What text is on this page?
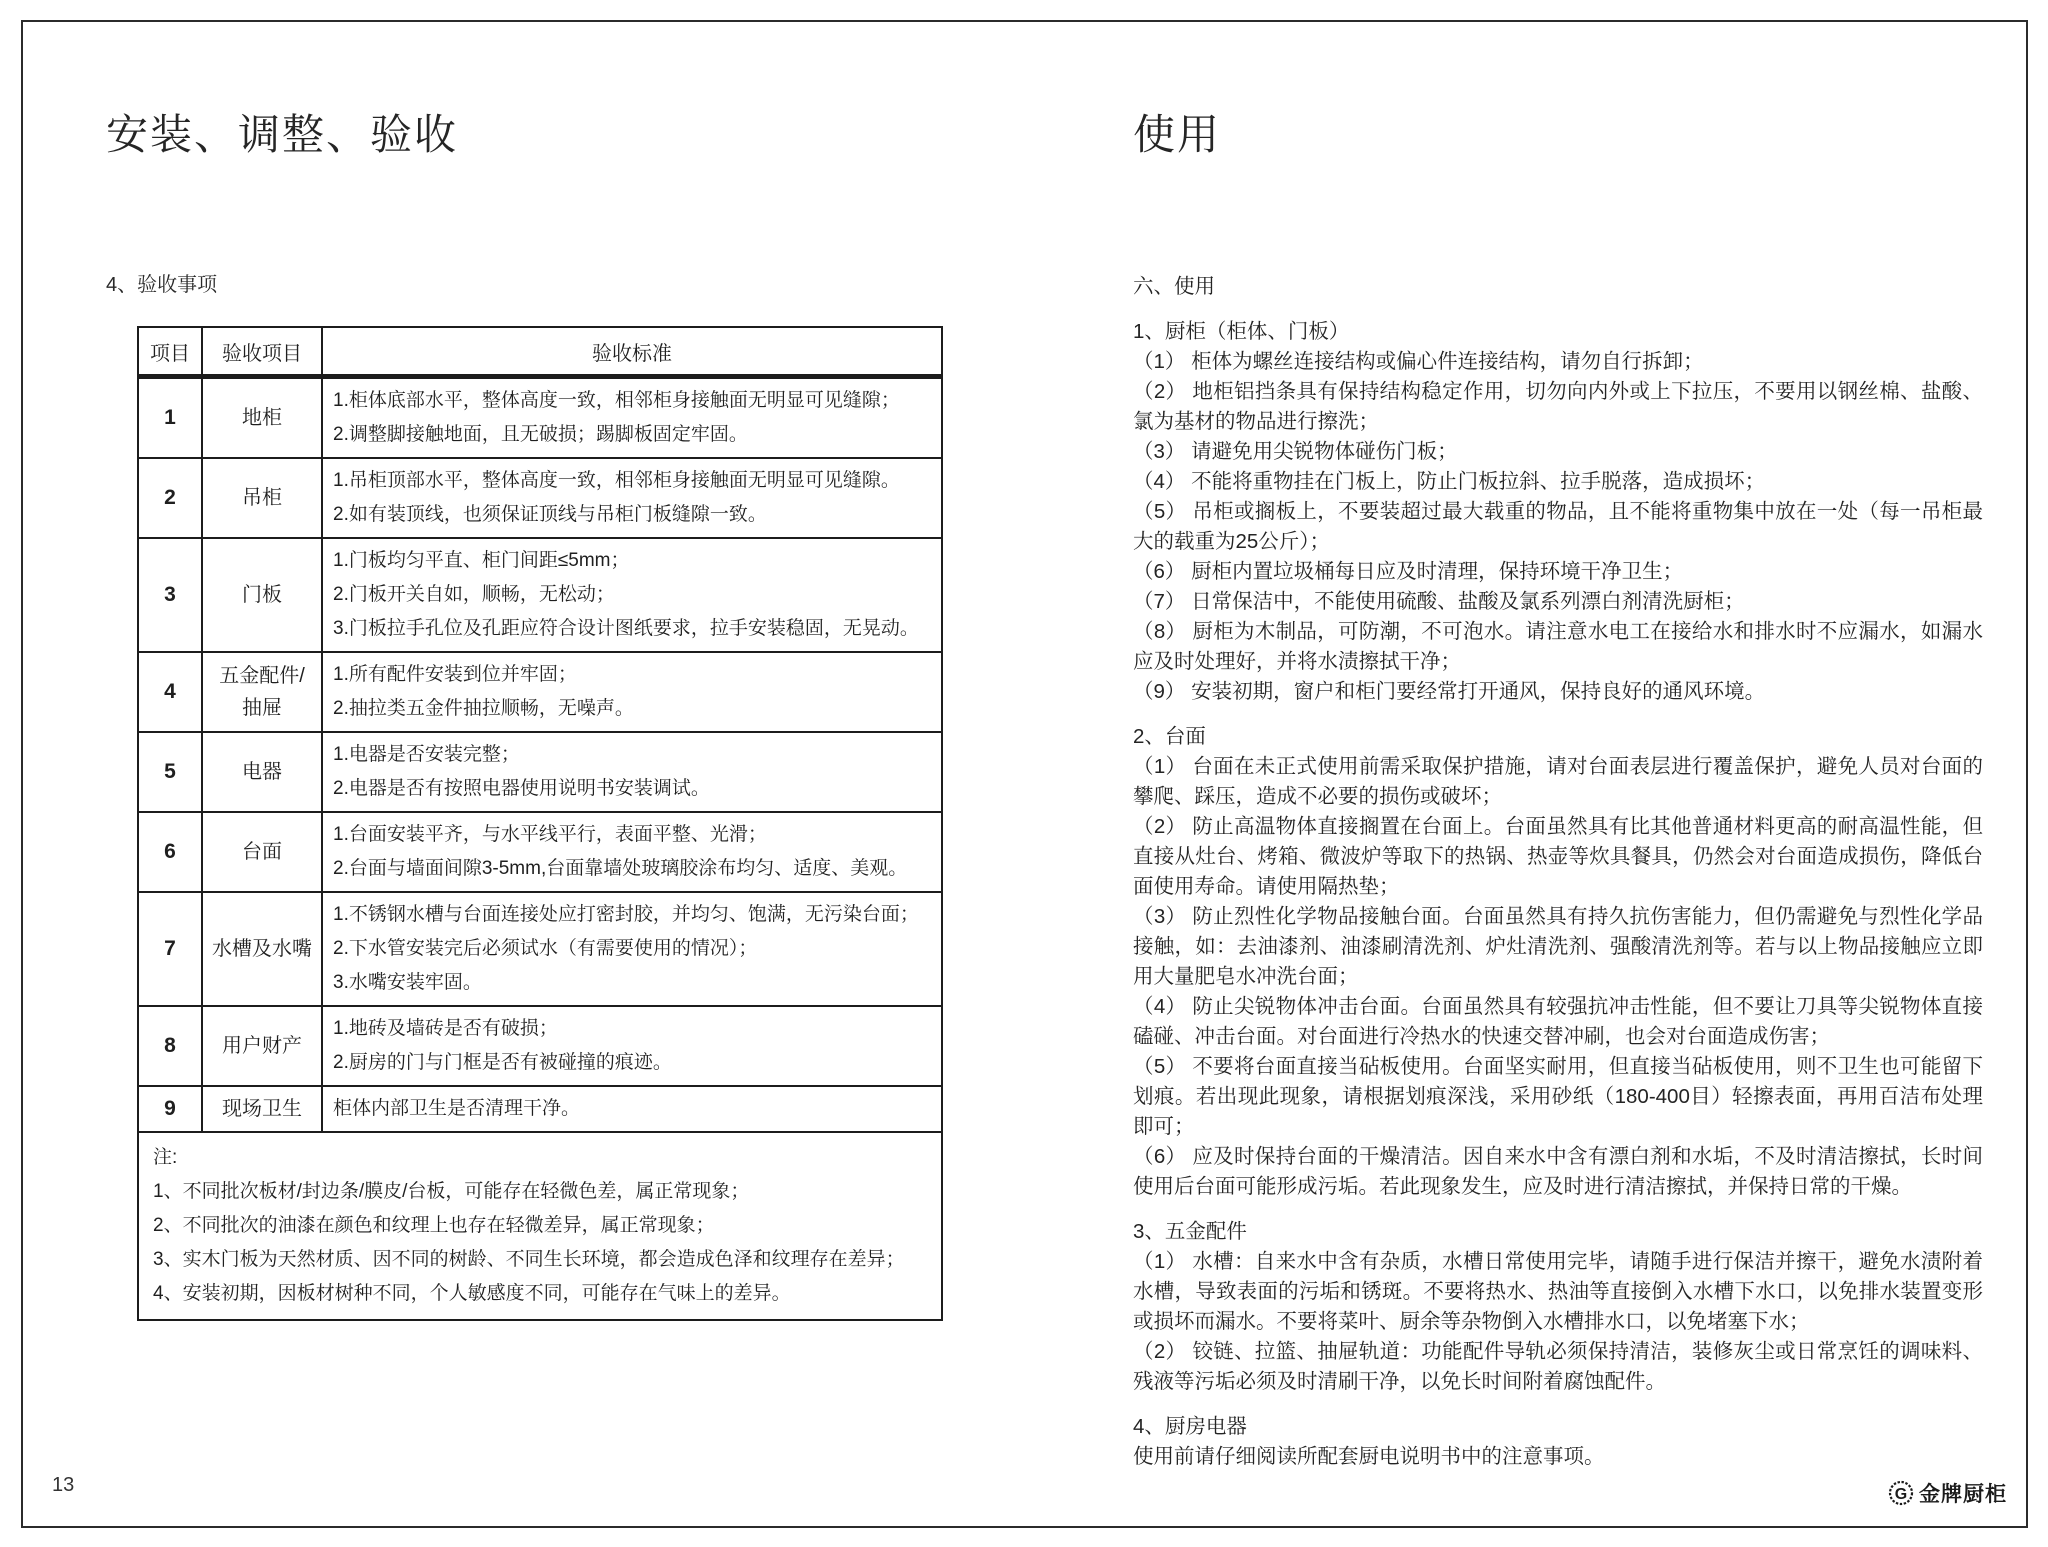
安装、调整、验收
4、验收事项
项目	验收项目	验收标准
1	地柜	1.柜体底部水平，整体高度一致，相邻柜身接触面无明显可见缝隙；
2.调整脚接触地面，且无破损；踢脚板固定牢固。

2	吊柜	1.吊柜顶部水平，整体高度一致，相邻柜身接触面无明显可见缝隙。
2.如有装顶线，也须保证顶线与吊柜门板缝隙一致。

3	门板	1.门板均匀平直、柜门间距≤5mm；
2.门板开关自如，顺畅，无松动；
3.门板拉手孔位及孔距应符合设计图纸要求，拉手安装稳固，无晃动。

4	五金配件/抽屉	1.所有配件安装到位并牢固；
2.抽拉类五金件抽拉顺畅，无噪声。

5	电器	1.电器是否安装完整；
2.电器是否有按照电器使用说明书安装调试。

6	台面	1.台面安装平齐，与水平线平行，表面平整、光滑；
2.台面与墙面间隙3-5mm,台面靠墙处玻璃胶涂布均匀、适度、美观。

7	水槽及水嘴	1.不锈钢水槽与台面连接处应打密封胶，并均匀、饱满，无污染台面；
2.下水管安装完后必须试水（有需要使用的情况）；
3.水嘴安装牢固。

8	用户财产	1.地砖及墙砖是否有破损；
2.厨房的门与门框是否有被碰撞的痕迹。

9	现场卫生	柜体内部卫生是否清理干净。

注:
1、不同批次板材/封边条/膜皮/台板，可能存在轻微色差，属正常现象；
2、不同批次的油漆在颜色和纹理上也存在轻微差异，属正常现象；
3、实木门板为天然材质、因不同的树龄、不同生长环境，都会造成色泽和纹理存在差异；
4、安装初期，因板材树种不同，个人敏感度不同，可能存在气味上的差异。		
13
使用
六、使用
1、厨柜（柜体、门板）

（1） 柜体为螺丝连接结构或偏心件连接结构，请勿自行拆卸；

（2） 地柜铝挡条具有保持结构稳定作用，切勿向内外或上下拉压，不要用以钢丝棉、盐酸、氯为基材的物品进行擦洗；

（3） 请避免用尖锐物体碰伤门板；

（4） 不能将重物挂在门板上，防止门板拉斜、拉手脱落，造成损坏；

（5） 吊柜或搁板上，不要装超过最大载重的物品，且不能将重物集中放在一处（每一吊柜最大的载重为25公斤）；

（6） 厨柜内置垃圾桶每日应及时清理，保持环境干净卫生；

（7） 日常保洁中，不能使用硫酸、盐酸及氯系列漂白剂清洗厨柜；

（8） 厨柜为木制品，可防潮，不可泡水。请注意水电工在接给水和排水时不应漏水，如漏水应及时处理好，并将水渍擦拭干净；

（9） 安装初期，窗户和柜门要经常打开通风，保持良好的通风环境。

2、台面

（1） 台面在未正式使用前需采取保护措施，请对台面表层进行覆盖保护，避免人员对台面的攀爬、踩压，造成不必要的损伤或破坏；

（2） 防止高温物体直接搁置在台面上。台面虽然具有比其他普通材料更高的耐高温性能，但直接从灶台、烤箱、微波炉等取下的热锅、热壶等炊具餐具，仍然会对台面造成损伤，降低台面使用寿命。请使用隔热垫；

（3） 防止烈性化学物品接触台面。台面虽然具有持久抗伤害能力，但仍需避免与烈性化学品接触，如：去油漆剂、油漆刷清洗剂、炉灶清洗剂、强酸清洗剂等。若与以上物品接触应立即用大量肥皂水冲洗台面；

（4） 防止尖锐物体冲击台面。台面虽然具有较强抗冲击性能，但不要让刀具等尖锐物体直接磕碰、冲击台面。对台面进行冷热水的快速交替冲刷，也会对台面造成伤害；

（5） 不要将台面直接当砧板使用。台面坚实耐用，但直接当砧板使用，则不卫生也可能留下划痕。若出现此现象，请根据划痕深浅，采用砂纸（180-400目）轻擦表面，再用百洁布处理即可；

（6） 应及时保持台面的干燥清洁。因自来水中含有漂白剂和水垢，不及时清洁擦拭，长时间使用后台面可能形成污垢。若此现象发生，应及时进行清洁擦拭，并保持日常的干燥。

3、五金配件

（1） 水槽：自来水中含有杂质，水槽日常使用完毕，请随手进行保洁并擦干，避免水渍附着水槽，导致表面的污垢和锈斑。不要将热水、热油等直接倒入水槽下水口，以免排水装置变形或损坏而漏水。不要将菜叶、厨余等杂物倒入水槽排水口，以免堵塞下水；

（2） 铰链、拉篮、抽屉轨道：功能配件导轨必须保持清洁，装修灰尘或日常烹饪的调味料、残液等污垢必须及时清刷干净，以免长时间附着腐蚀配件。

4、厨房电器

使用前请仔细阅读所配套厨电说明书中的注意事项。

G 金牌厨柜
